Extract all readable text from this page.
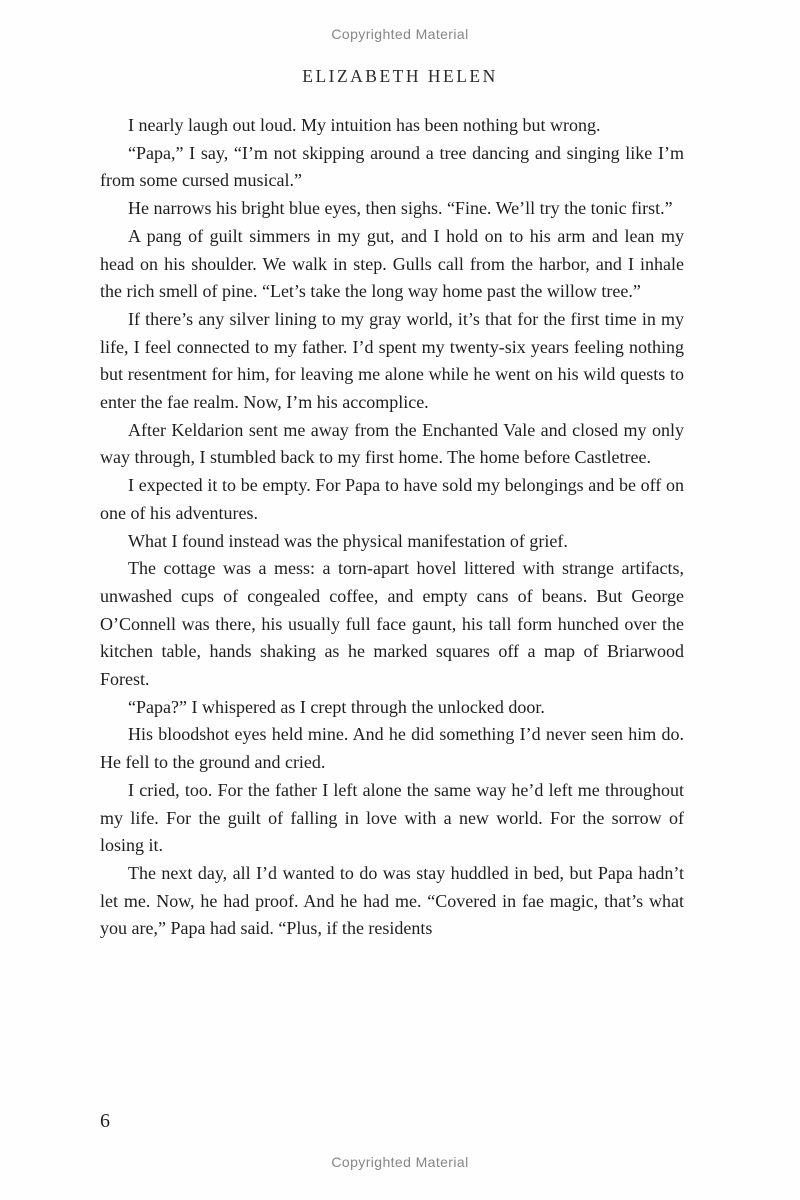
Copyrighted Material
ELIZABETH HELEN

I nearly laugh out loud. My intuition has been nothing but wrong.

“Papa,” I say, “I’m not skipping around a tree dancing and singing like I’m from some cursed musical.”

He narrows his bright blue eyes, then sighs. “Fine. We’ll try the tonic first.”

A pang of guilt simmers in my gut, and I hold on to his arm and lean my head on his shoulder. We walk in step. Gulls call from the harbor, and I inhale the rich smell of pine. “Let’s take the long way home past the willow tree.”

If there’s any silver lining to my gray world, it’s that for the first time in my life, I feel connected to my father. I’d spent my twenty-six years feeling nothing but resentment for him, for leaving me alone while he went on his wild quests to enter the fae realm. Now, I’m his accomplice.

After Keldarion sent me away from the Enchanted Vale and closed my only way through, I stumbled back to my first home. The home before Castletree.

I expected it to be empty. For Papa to have sold my belongings and be off on one of his adventures.

What I found instead was the physical manifestation of grief.

The cottage was a mess: a torn-apart hovel littered with strange artifacts, unwashed cups of congealed coffee, and empty cans of beans. But George O’Connell was there, his usually full face gaunt, his tall form hunched over the kitchen table, hands shaking as he marked squares off a map of Briarwood Forest.

“Papa?” I whispered as I crept through the unlocked door.

His bloodshot eyes held mine. And he did something I’d never seen him do. He fell to the ground and cried.

I cried, too. For the father I left alone the same way he’d left me throughout my life. For the guilt of falling in love with a new world. For the sorrow of losing it.

The next day, all I’d wanted to do was stay huddled in bed, but Papa hadn’t let me. Now, he had proof. And he had me. “Covered in fae magic, that’s what you are,” Papa had said. “Plus, if the residents

6
Copyrighted Material
